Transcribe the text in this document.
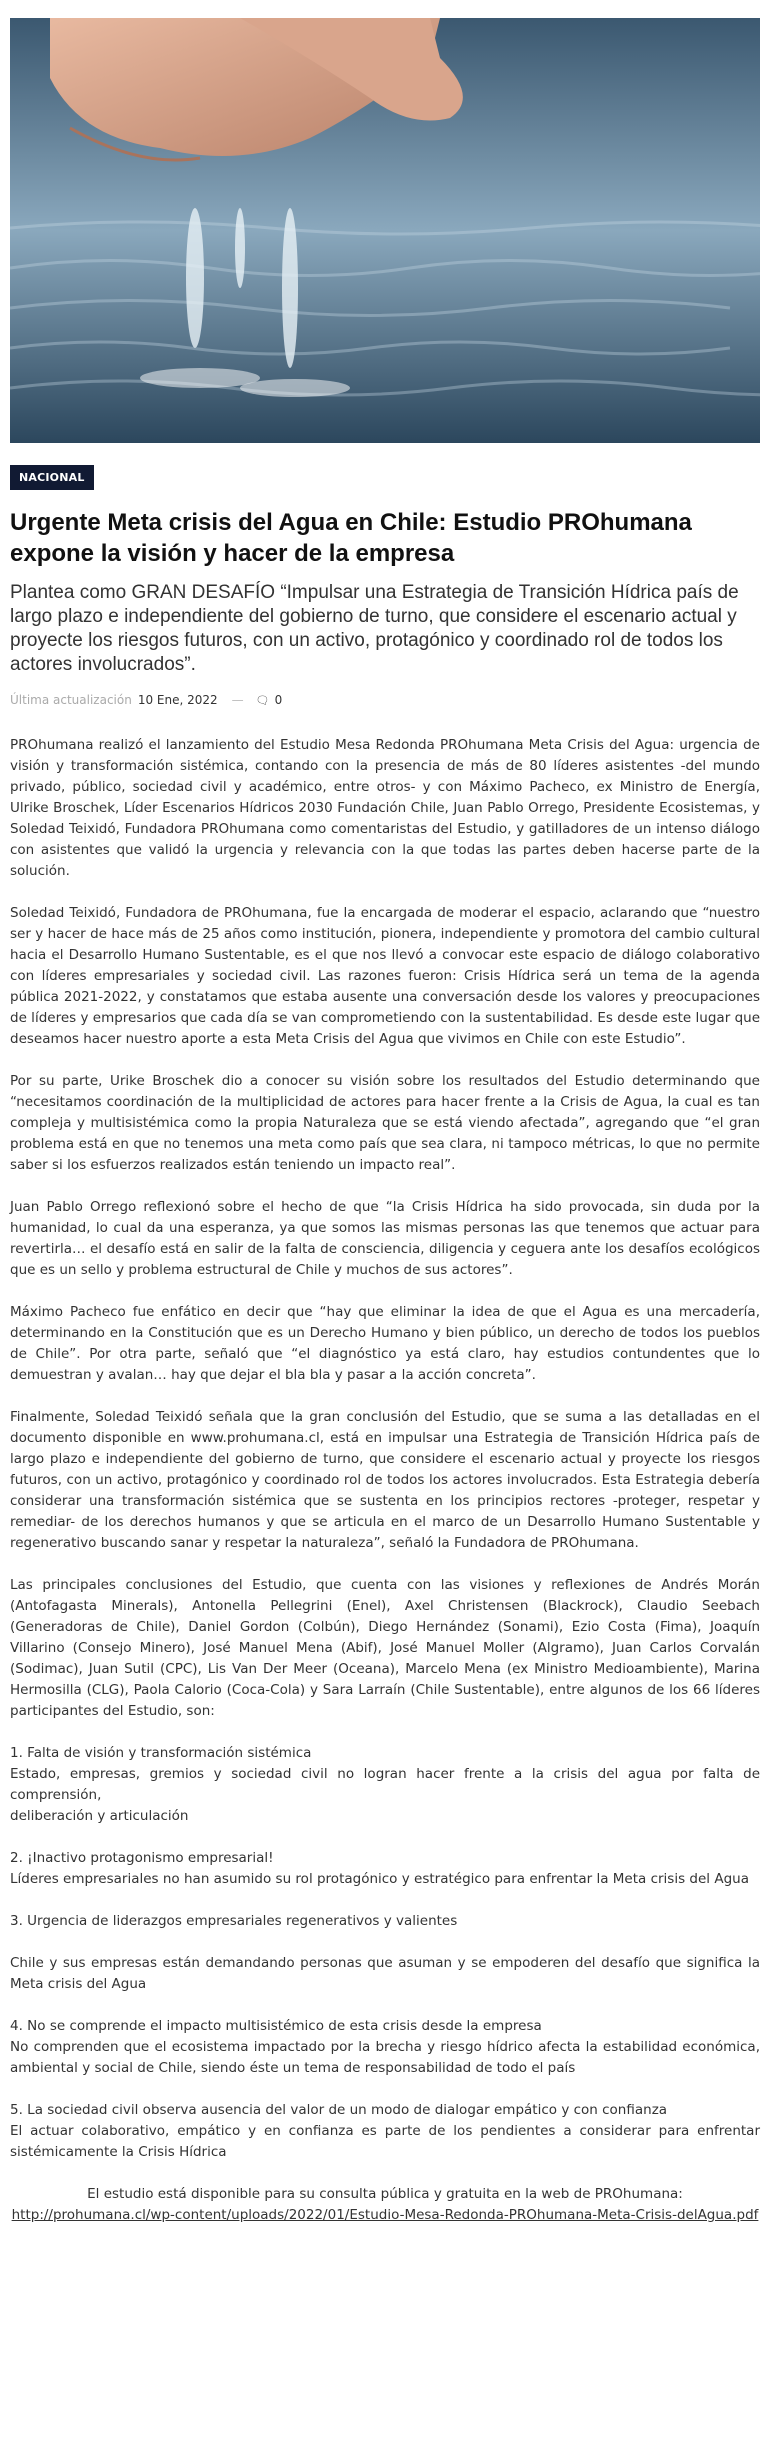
NACIONAL
Urgente Meta crisis del Agua en Chile: Estudio PROhumana expone la visión y hacer de la empresa

Plantea como GRAN DESAFÍO “Impulsar una Estrategia de Transición Hídrica país de largo plazo e independiente del gobierno de turno, que considere el escenario actual y proyecte los riesgos futuros, con un activo, protagónico y coordinado rol de todos los actores involucrados”.

Última actualización 10 Ene, 2022 — 🗨 0

PROhumana realizó el lanzamiento del Estudio Mesa Redonda PROhumana Meta Crisis del Agua: urgencia de visión y transformación sistémica, contando con la presencia de más de 80 líderes asistentes -del mundo privado, público, sociedad civil y académico, entre otros- y con Máximo Pacheco, ex Ministro de Energía, Ulrike Broschek, Líder Escenarios Hídricos 2030 Fundación Chile, Juan Pablo Orrego, Presidente Ecosistemas, y Soledad Teixidó, Fundadora PROhumana como comentaristas del Estudio, y gatilladores de un intenso diálogo con asistentes que validó la urgencia y relevancia con la que todas las partes deben hacerse parte de la solución.

Soledad Teixidó, Fundadora de PROhumana, fue la encargada de moderar el espacio, aclarando que “nuestro ser y hacer de hace más de 25 años como institución, pionera, independiente y promotora del cambio cultural hacia el Desarrollo Humano Sustentable, es el que nos llevó a convocar este espacio de diálogo colaborativo con líderes empresariales y sociedad civil. Las razones fueron: Crisis Hídrica será un tema de la agenda pública 2021-2022, y constatamos que estaba ausente una conversación desde los valores y preocupaciones de líderes y empresarios que cada día se van comprometiendo con la sustentabilidad. Es desde este lugar que deseamos hacer nuestro aporte a esta Meta Crisis del Agua que vivimos en Chile con este Estudio”.

Por su parte, Urike Broschek dio a conocer su visión sobre los resultados del Estudio determinando que “necesitamos coordinación de la multiplicidad de actores para hacer frente a la Crisis de Agua, la cual es tan compleja y multisistémica como la propia Naturaleza que se está viendo afectada”, agregando que “el gran problema está en que no tenemos una meta como país que sea clara, ni tampoco métricas, lo que no permite saber si los esfuerzos realizados están teniendo un impacto real”.

Juan Pablo Orrego reflexionó sobre el hecho de que “la Crisis Hídrica ha sido provocada, sin duda por la humanidad, lo cual da una esperanza, ya que somos las mismas personas las que tenemos que actuar para revertirla… el desafío está en salir de la falta de consciencia, diligencia y ceguera ante los desafíos ecológicos que es un sello y problema estructural de Chile y muchos de sus actores”.

Máximo Pacheco fue enfático en decir que “hay que eliminar la idea de que el Agua es una mercadería, determinando en la Constitución que es un Derecho Humano y bien público, un derecho de todos los pueblos de Chile”. Por otra parte, señaló que “el diagnóstico ya está claro, hay estudios contundentes que lo demuestran y avalan… hay que dejar el bla bla y pasar a la acción concreta”.

Finalmente, Soledad Teixidó señala que la gran conclusión del Estudio, que se suma a las detalladas en el documento disponible en www.prohumana.cl, está en impulsar una Estrategia de Transición Hídrica país de largo plazo e independiente del gobierno de turno, que considere el escenario actual y proyecte los riesgos futuros, con un activo, protagónico y coordinado rol de todos los actores involucrados. Esta Estrategia debería considerar una transformación sistémica que se sustenta en los principios rectores -proteger, respetar y remediar- de los derechos humanos y que se articula en el marco de un Desarrollo Humano Sustentable y regenerativo buscando sanar y respetar la naturaleza”, señaló la Fundadora de PROhumana.

Las principales conclusiones del Estudio, que cuenta con las visiones y reflexiones de Andrés Morán (Antofagasta Minerals), Antonella Pellegrini (Enel), Axel Christensen (Blackrock), Claudio Seebach (Generadoras de Chile), Daniel Gordon (Colbún), Diego Hernández (Sonami), Ezio Costa (Fima), Joaquín Villarino (Consejo Minero), José Manuel Mena (Abif), José Manuel Moller (Algramo), Juan Carlos Corvalán (Sodimac), Juan Sutil (CPC), Lis Van Der Meer (Oceana), Marcelo Mena (ex Ministro Medioambiente), Marina Hermosilla (CLG), Paola Calorio (Coca-Cola) y Sara Larraín (Chile Sustentable), entre algunos de los 66 líderes participantes del Estudio, son:

1. Falta de visión y transformación sistémica

Estado, empresas, gremios y sociedad civil no logran hacer frente a la crisis del agua por falta de comprensión,

deliberación y articulación

2. ¡Inactivo protagonismo empresarial!

Líderes empresariales no han asumido su rol protagónico y estratégico para enfrentar la Meta crisis del Agua

3. Urgencia de liderazgos empresariales regenerativos y valientes

Chile y sus empresas están demandando personas que asuman y se empoderen del desafío que significa la Meta crisis del Agua

4. No se comprende el impacto multisistémico de esta crisis desde la empresa

No comprenden que el ecosistema impactado por la brecha y riesgo hídrico afecta la estabilidad económica, ambiental y social de Chile, siendo éste un tema de responsabilidad de todo el país

5. La sociedad civil observa ausencia del valor de un modo de dialogar empático y con confianza

El actuar colaborativo, empático y en confianza es parte de los pendientes a considerar para enfrentar sistémicamente la Crisis Hídrica

El estudio está disponible para su consulta pública y gratuita en la web de PROhumana:

http://prohumana.cl/wp-content/uploads/2022/01/Estudio-Mesa-Redonda-PROhumana-Meta-Crisis-delAgua.pdf
